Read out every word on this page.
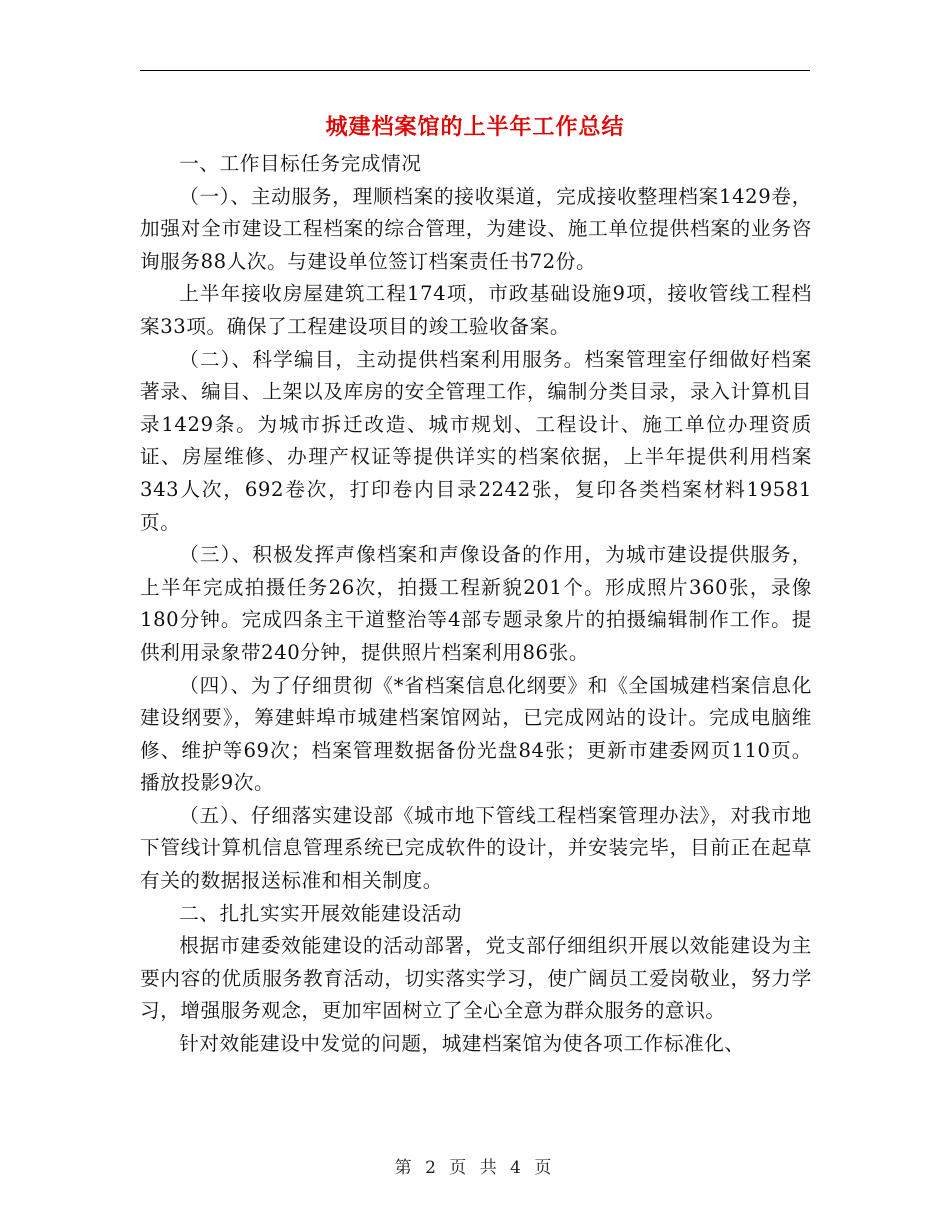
城建档案馆的上半年工作总结

一、工作目标任务完成情况

（一）、主动服务，理顺档案的接收渠道，完成接收整理档案1429卷，加强对全市建设工程档案的综合管理，为建设、施工单位提供档案的业务咨询服务88人次。与建设单位签订档案责任书72份。

上半年接收房屋建筑工程174项，市政基础设施9项，接收管线工程档案33项。确保了工程建设项目的竣工验收备案。

（二）、科学编目，主动提供档案利用服务。档案管理室仔细做好档案著录、编目、上架以及库房的安全管理工作，编制分类目录，录入计算机目录1429条。为城市拆迁改造、城市规划、工程设计、施工单位办理资质证、房屋维修、办理产权证等提供详实的档案依据，上半年提供利用档案343人次，692卷次，打印卷内目录2242张，复印各类档案材料19581页。

（三）、积极发挥声像档案和声像设备的作用，为城市建设提供服务，上半年完成拍摄任务26次，拍摄工程新貌201个。形成照片360张，录像180分钟。完成四条主干道整治等4部专题录象片的拍摄编辑制作工作。提供利用录象带240分钟，提供照片档案利用86张。

（四）、为了仔细贯彻《*省档案信息化纲要》和《全国城建档案信息化建设纲要》，筹建蚌埠市城建档案馆网站，已完成网站的设计。完成电脑维修、维护等69次；档案管理数据备份光盘84张；更新市建委网页110页。播放投影9次。

（五）、仔细落实建设部《城市地下管线工程档案管理办法》，对我市地下管线计算机信息管理系统已完成软件的设计，并安装完毕，目前正在起草有关的数据报送标准和相关制度。

二、扎扎实实开展效能建设活动

根据市建委效能建设的活动部署，党支部仔细组织开展以效能建设为主要内容的优质服务教育活动，切实落实学习，使广阔员工爱岗敬业，努力学习，增强服务观念，更加牢固树立了全心全意为群众服务的意识。

针对效能建设中发觉的问题，城建档案馆为使各项工作标准化、

第 2 页 共 4 页
